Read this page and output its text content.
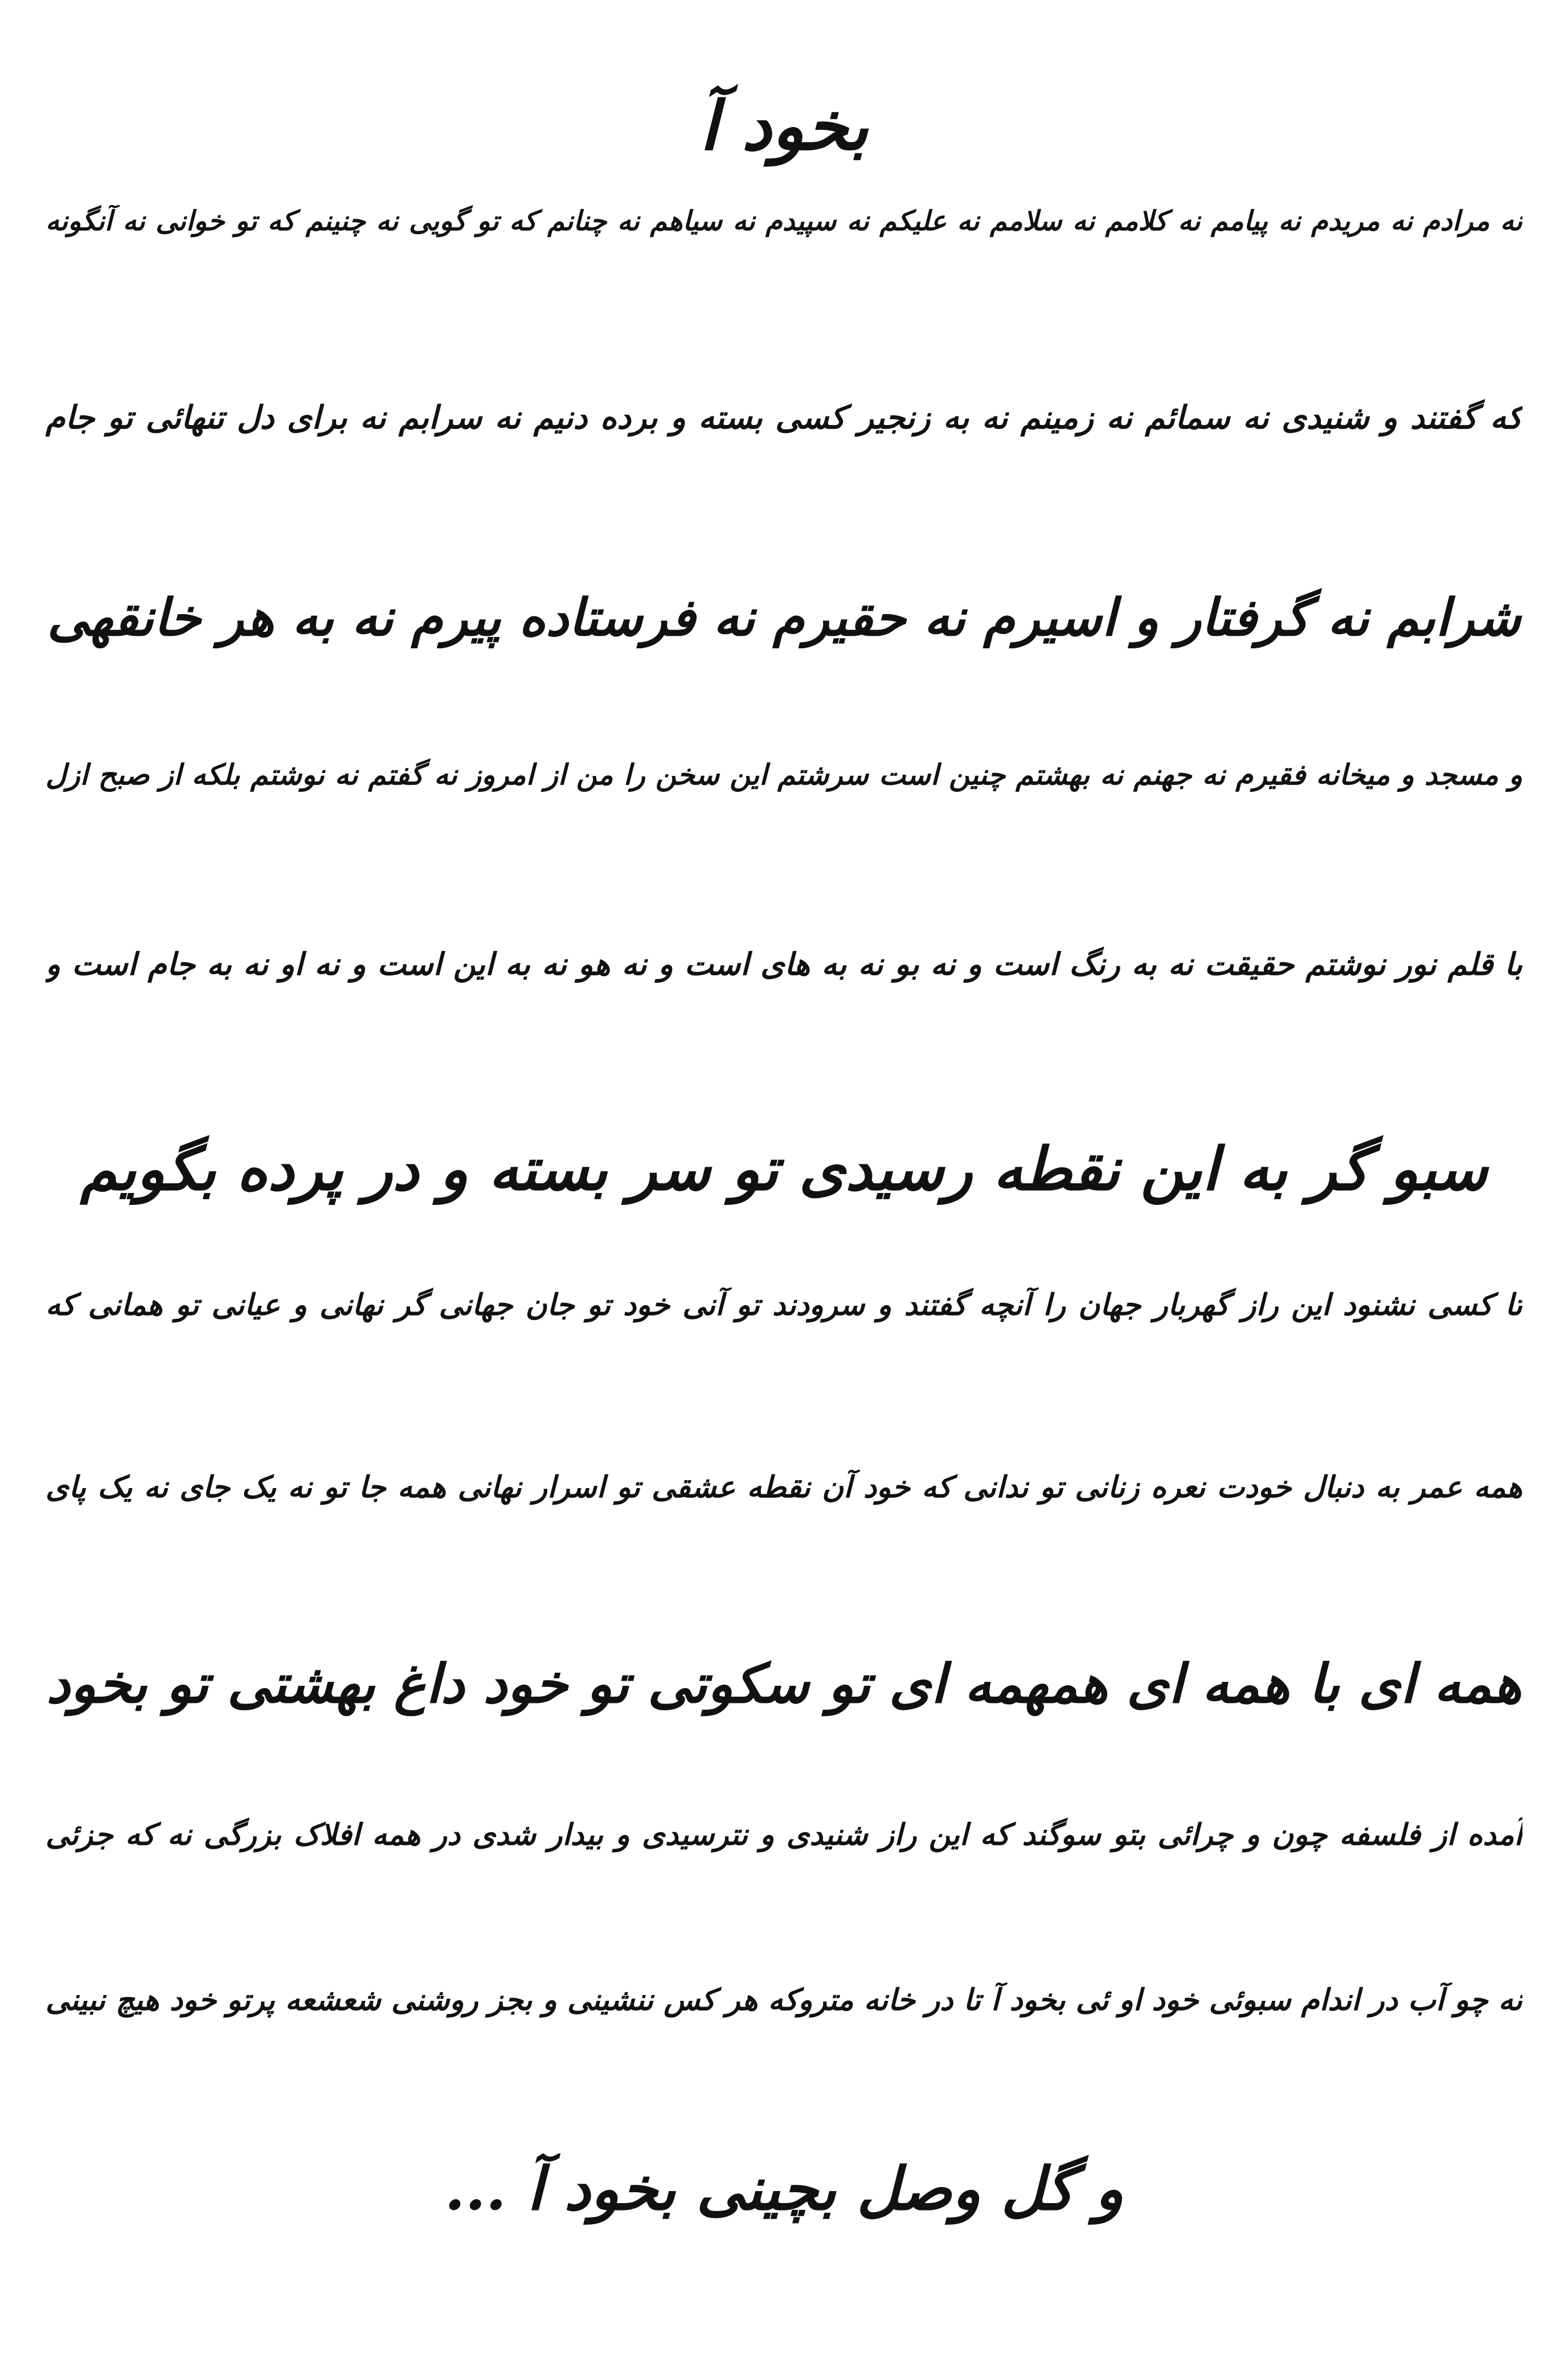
بخود آ
نه مرادم نه مریدم نه پیامم نه کلامم نه سلامم نه علیکم نه سپیدم نه سیاهم نه چنانم که تو گویی نه چنینم که تو خوانی نه آنگونه
که گفتند و شنیدی نه سمائم نه زمینم نه به زنجیر کسی بسته و برده دنیم نه سرابم نه برای دل تنهائی تو جام
شرابم نه گرفتار و اسیرم نه حقیرم نه فرستاده پیرم نه به هر خانقهی
و مسجد و میخانه فقیرم نه جهنم نه بهشتم چنین است سرشتم این سخن را من از امروز نه گفتم نه نوشتم بلکه از صبح ازل
با قلم نور نوشتم حقیقت نه به رنگ است و نه بو نه به های است و نه هو نه به این است و نه او نه به جام است و
سبو گر به این نقطه رسیدی تو سر بسته و در پرده بگویم
تا کسی نشنود این راز گهربار جهان را آنچه گفتند و سرودند تو آنی خود تو جان جهانی گر نهانی و عیانی تو همانی که
همه عمر به دنبال خودت نعره زنانی تو ندانی که خود آن نقطه عشقی تو اسرار نهانی همه جا تو نه یک جای نه یک پای
همه ای با همه ای همهمه ای تو سکوتی تو خود داغ بهشتی تو بخود
آمده از فلسفه چون و چرائی بتو سوگند که این راز شنیدی و نترسیدی و بیدار شدی در همه افلاک بزرگی نه که جزئی
نه چو آب در اندام سبوئی خود او ئی بخود آ تا در خانه متروکه هر کس ننشینی و بجز روشنی شعشعه پرتو خود هیچ نبینی
و گل وصل بچینی بخود آ ...
